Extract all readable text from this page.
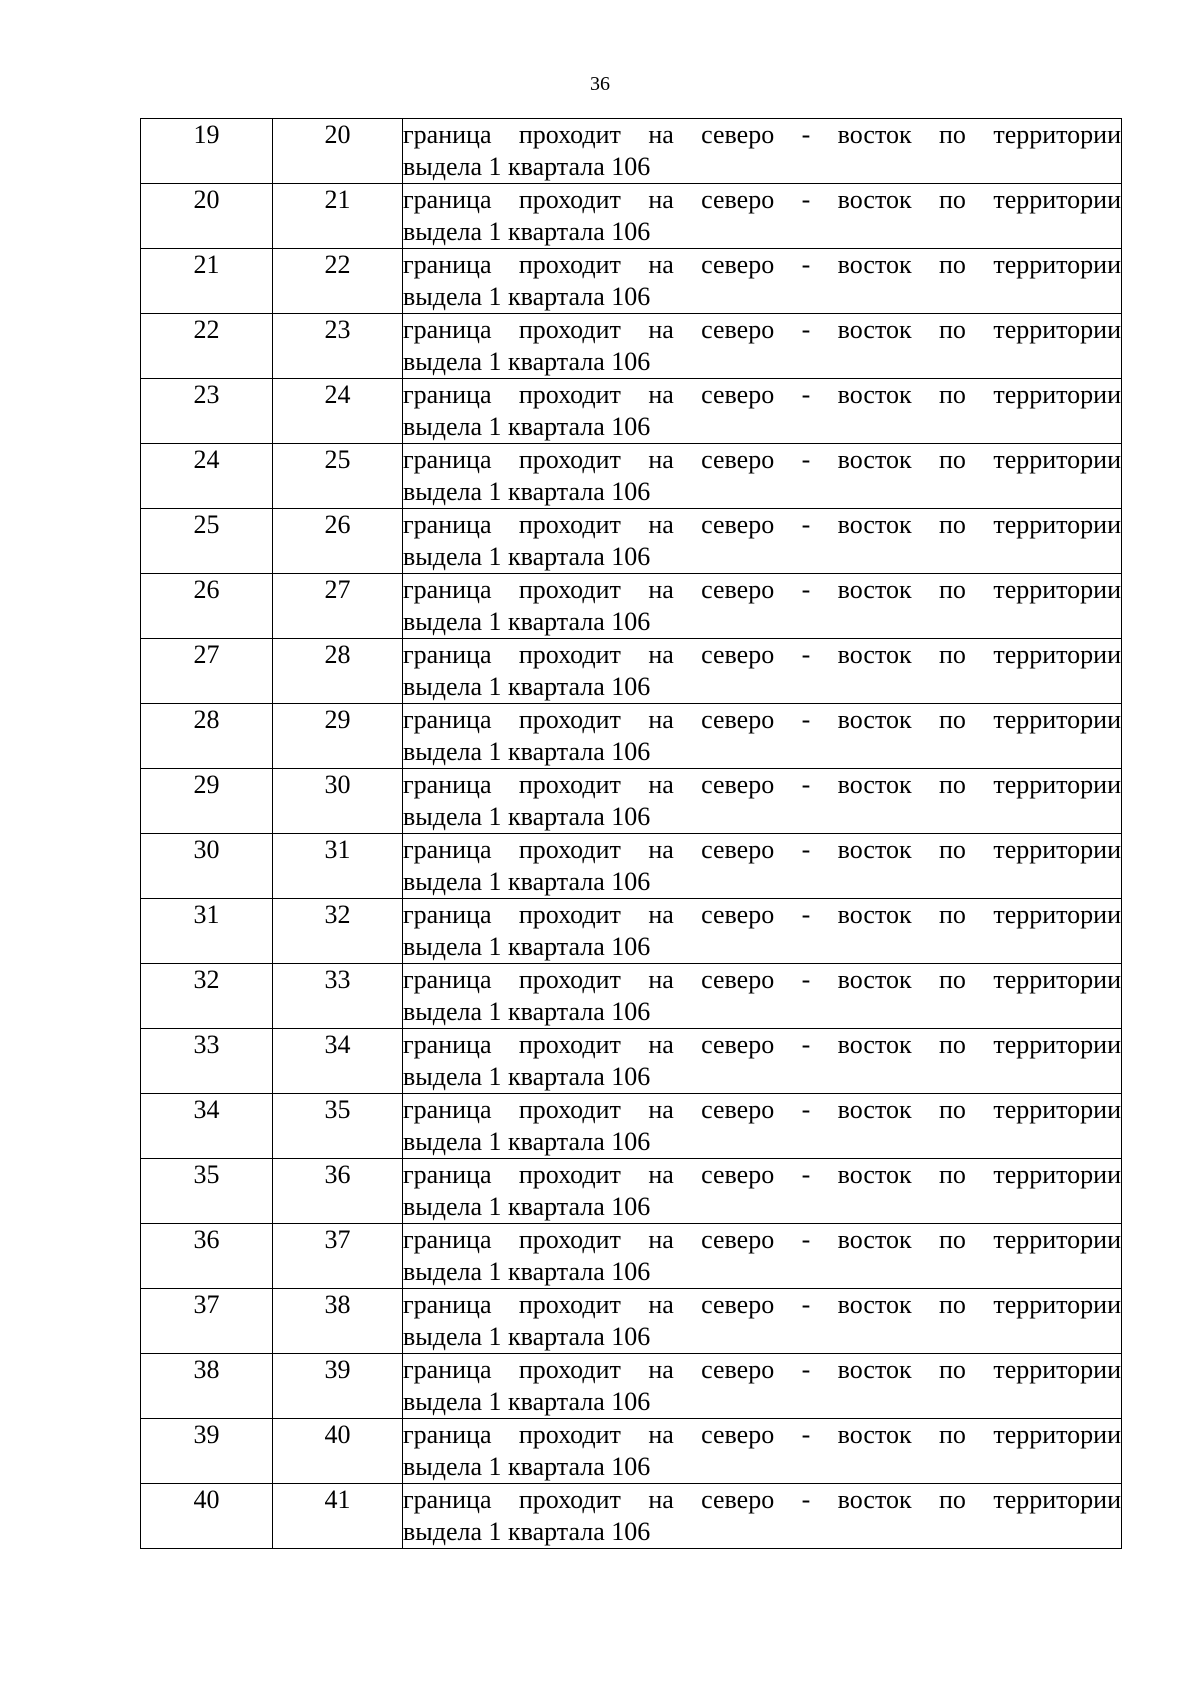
36
19	20	граница проходит на северо - восток по территории
выдела 1 квартала 106

20	21	граница проходит на северо - восток по территории
выдела 1 квартала 106

21	22	граница проходит на северо - восток по территории
выдела 1 квартала 106

22	23	граница проходит на северо - восток по территории
выдела 1 квартала 106

23	24	граница проходит на северо - восток по территории
выдела 1 квартала 106

24	25	граница проходит на северо - восток по территории
выдела 1 квартала 106

25	26	граница проходит на северо - восток по территории
выдела 1 квартала 106

26	27	граница проходит на северо - восток по территории
выдела 1 квартала 106

27	28	граница проходит на северо - восток по территории
выдела 1 квартала 106

28	29	граница проходит на северо - восток по территории
выдела 1 квартала 106

29	30	граница проходит на северо - восток по территории
выдела 1 квартала 106

30	31	граница проходит на северо - восток по территории
выдела 1 квартала 106

31	32	граница проходит на северо - восток по территории
выдела 1 квартала 106

32	33	граница проходит на северо - восток по территории
выдела 1 квартала 106

33	34	граница проходит на северо - восток по территории
выдела 1 квартала 106

34	35	граница проходит на северо - восток по территории
выдела 1 квартала 106

35	36	граница проходит на северо - восток по территории
выдела 1 квартала 106

36	37	граница проходит на северо - восток по территории
выдела 1 квартала 106

37	38	граница проходит на северо - восток по территории
выдела 1 квартала 106

38	39	граница проходит на северо - восток по территории
выдела 1 квартала 106

39	40	граница проходит на северо - восток по территории
выдела 1 квартала 106

40	41	граница проходит на северо - восток по территории
выдела 1 квартала 106
